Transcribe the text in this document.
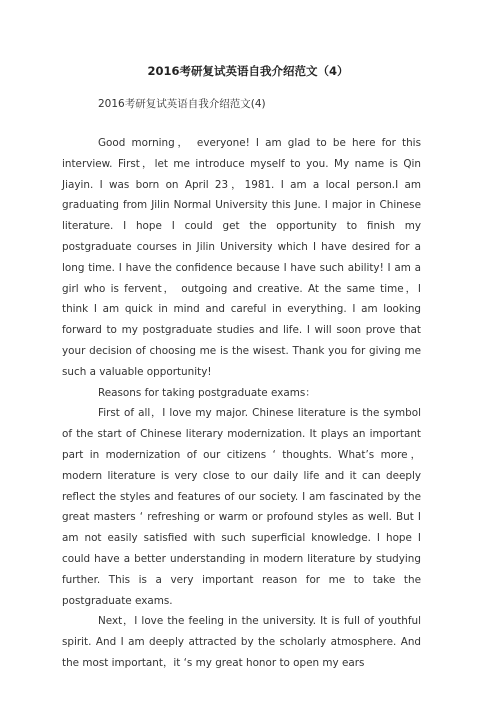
2016考研复试英语自我介绍范文（4）
2016考研复试英语自我介绍范文(4)

Good morning， everyone! I am glad to be here for this interview. First，let me introduce myself to you. My name is Qin Jiayin. I was born on April 23，1981. I am a local person.I am graduating from Jilin Normal University this June. I major in Chinese literature. I hope I could get the opportunity to finish my postgraduate courses in Jilin University which I have desired for a long time. I have the confidence because I have such ability! I am a girl who is fervent， outgoing and creative. At the same time，I think I am quick in mind and careful in everything. I am looking forward to my postgraduate studies and life. I will soon prove that your decision of choosing me is the wisest. Thank you for giving me such a valuable opportunity!

Reasons for taking postgraduate exams：

First of all，I love my major. Chinese literature is the symbol of the start of Chinese literary modernization. It plays an important part in modernization of our citizens ‘ thoughts. What’s more，modern literature is very close to our daily life and it can deeply reflect the styles and features of our society. I am fascinated by the great masters ‘ refreshing or warm or profound styles as well. But I am not easily satisfied with such superficial knowledge. I hope I could have a better understanding in modern literature by studying further. This is a very important reason for me to take the postgraduate exams.

Next，I love the feeling in the university. It is full of youthful spirit. And I am deeply attracted by the scholarly atmosphere. And the most important，it ‘s my great honor to open my ears
